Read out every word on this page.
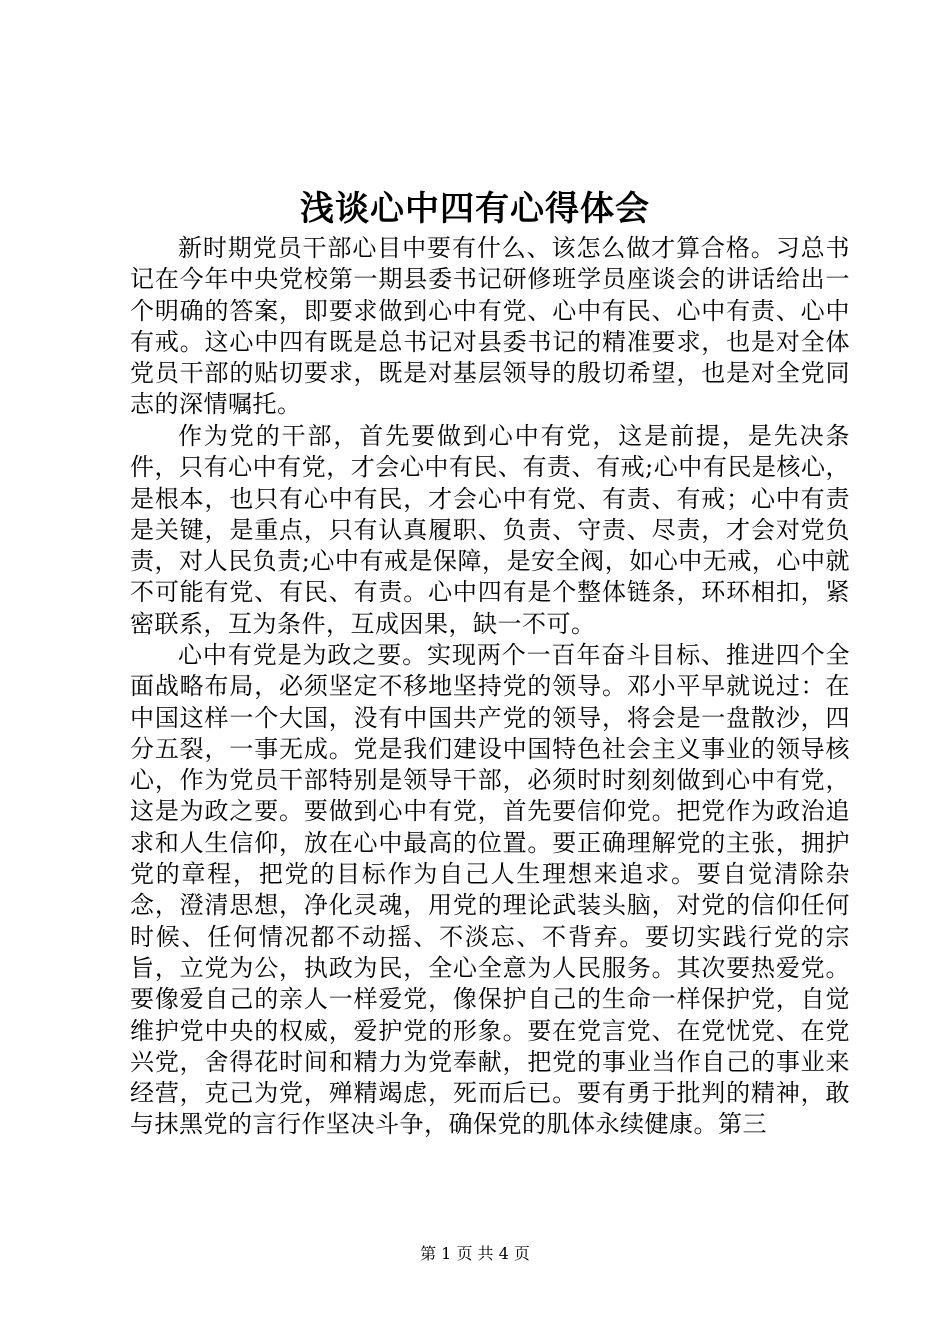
浅谈心中四有心得体会

新时期党员干部心目中要有什么、该怎么做才算合格。习总书记在今年中央党校第一期县委书记研修班学员座谈会的讲话给出一个明确的答案，即要求做到心中有党、心中有民、心中有责、心中有戒。这心中四有既是总书记对县委书记的精准要求，也是对全体党员干部的贴切要求，既是对基层领导的殷切希望，也是对全党同志的深情嘱托。

作为党的干部，首先要做到心中有党，这是前提，是先决条件，只有心中有党，才会心中有民、有责、有戒;心中有民是核心，是根本，也只有心中有民，才会心中有党、有责、有戒；心中有责是关键，是重点，只有认真履职、负责、守责、尽责，才会对党负责，对人民负责;心中有戒是保障，是安全阀，如心中无戒，心中就不可能有党、有民、有责。心中四有是个整体链条，环环相扣，紧密联系，互为条件，互成因果，缺一不可。

心中有党是为政之要。实现两个一百年奋斗目标、推进四个全面战略布局，必须坚定不移地坚持党的领导。邓小平早就说过：在中国这样一个大国，没有中国共产党的领导，将会是一盘散沙，四分五裂，一事无成。党是我们建设中国特色社会主义事业的领导核心，作为党员干部特别是领导干部，必须时时刻刻做到心中有党，这是为政之要。要做到心中有党，首先要信仰党。把党作为政治追求和人生信仰，放在心中最高的位置。要正确理解党的主张，拥护党的章程，把党的目标作为自己人生理想来追求。要自觉清除杂念，澄清思想，净化灵魂，用党的理论武装头脑，对党的信仰任何时候、任何情况都不动摇、不淡忘、不背弃。要切实践行党的宗旨，立党为公，执政为民，全心全意为人民服务。其次要热爱党。要像爱自己的亲人一样爱党，像保护自己的生命一样保护党，自觉维护党中央的权威，爱护党的形象。要在党言党、在党忧党、在党兴党，舍得花时间和精力为党奉献，把党的事业当作自己的事业来经营，克己为党，殚精竭虑，死而后已。要有勇于批判的精神，敢与抹黑党的言行作坚决斗争，确保党的肌体永续健康。第三

第 1 页 共 4 页
